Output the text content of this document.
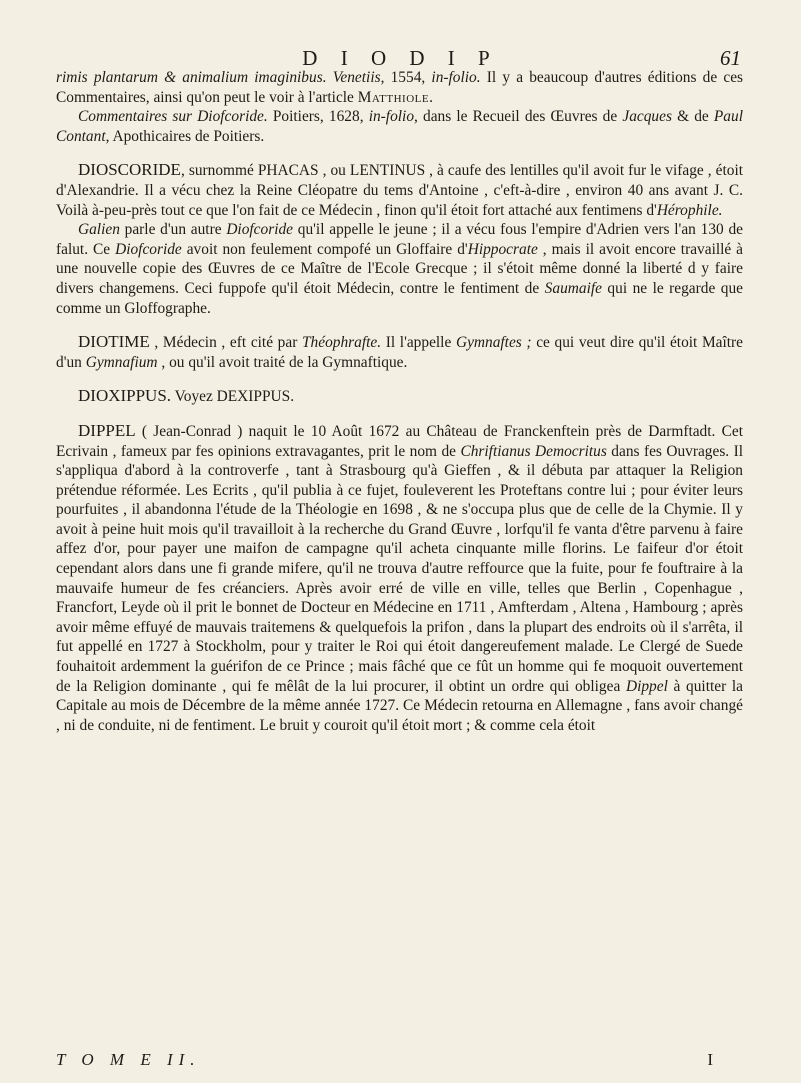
D I O D I P	61

rimis plantarum & animalium imaginibus. Venetiis, 1554, in-folio. Il y a beaucoup d'autres éditions de ces Commentaires, ainsi qu'on peut le voir à l'article Matthiole.

Commentaires sur Diofcoride. Poitiers, 1628, in-folio, dans le Recueil des Œuvres de Jacques & de Paul Contant, Apothicaires de Poitiers.

DIOSCORIDE, surnommé PHACAS , ou LENTINUS , à caufe des lentilles qu'il avoit fur le vifage , étoit d'Alexandrie. Il a vécu chez la Reine Cléopatre du tems d'Antoine , c'eft-à-dire , environ 40 ans avant J. C. Voilà à-peu-près tout ce que l'on fait de ce Médecin , finon qu'il étoit fort attaché aux fentimens d'Hérophile.

Galien parle d'un autre Diofcoride qu'il appelle le jeune ; il a vécu fous l'empire d'Adrien vers l'an 130 de falut. Ce Diofcoride avoit non feulement compofé un Gloffaire d'Hippocrate , mais il avoit encore travaillé à une nouvelle copie des Œuvres de ce Maître de l'Ecole Grecque ; il s'étoit même donné la liberté d y faire divers changemens. Ceci fuppofe qu'il étoit Médecin, contre le fentiment de Saumaife qui ne le regarde que comme un Gloffographe.

DIOTIME , Médecin , eft cité par Théophrafte. Il l'appelle Gymnaftes ; ce qui veut dire qu'il étoit Maître d'un Gymnafium , ou qu'il avoit traité de la Gymnaftique.

DIOXIPPUS. Voyez DEXIPPUS.

DIPPEL ( Jean-Conrad ) naquit le 10 Août 1672 au Château de Franckenftein près de Darmftadt. Cet Ecrivain , fameux par fes opinions extravagantes, prit le nom de Chriftianus Democritus dans fes Ouvrages. Il s'appliqua d'abord à la controverfe , tant à Strasbourg qu'à Gieffen , & il débuta par attaquer la Religion prétendue réformée. Les Ecrits , qu'il publia à ce fujet, fouleverent les Proteftans contre lui ; pour éviter leurs pourfuites , il abandonna l'étude de la Théologie en 1698 , & ne s'occupa plus que de celle de la Chymie. Il y avoit à peine huit mois qu'il travailloit à la recherche du Grand Œuvre , lorfqu'il fe vanta d'être parvenu à faire affez d'or, pour payer une maifon de campagne qu'il acheta cinquante mille florins. Le faifeur d'or étoit cependant alors dans une fi grande mifere, qu'il ne trouva d'autre reffource que la fuite, pour fe fouftraire à la mauvaife humeur de fes créanciers. Après avoir erré de ville en ville, telles que Berlin , Copenhague , Francfort, Leyde où il prit le bonnet de Docteur en Médecine en 1711 , Amfterdam , Altena , Hambourg ; après avoir même effuyé de mauvais traitemens & quelquefois la prifon , dans la plupart des endroits où il s'arrêta, il fut appellé en 1727 à Stockholm, pour y traiter le Roi qui étoit dangereufement malade. Le Clergé de Suede fouhaitoit ardemment la guérifon de ce Prince ; mais fâché que ce fût un homme qui fe moquoit ouvertement de la Religion dominante , qui fe mêlât de la lui procurer, il obtint un ordre qui obligea Dippel à quitter la Capitale au mois de Décembre de la même année 1727. Ce Médecin retourna en Allemagne , fans avoir changé , ni de conduite, ni de fentiment. Le bruit y couroit qu'il étoit mort ; & comme cela étoit

T O M E II.	I
